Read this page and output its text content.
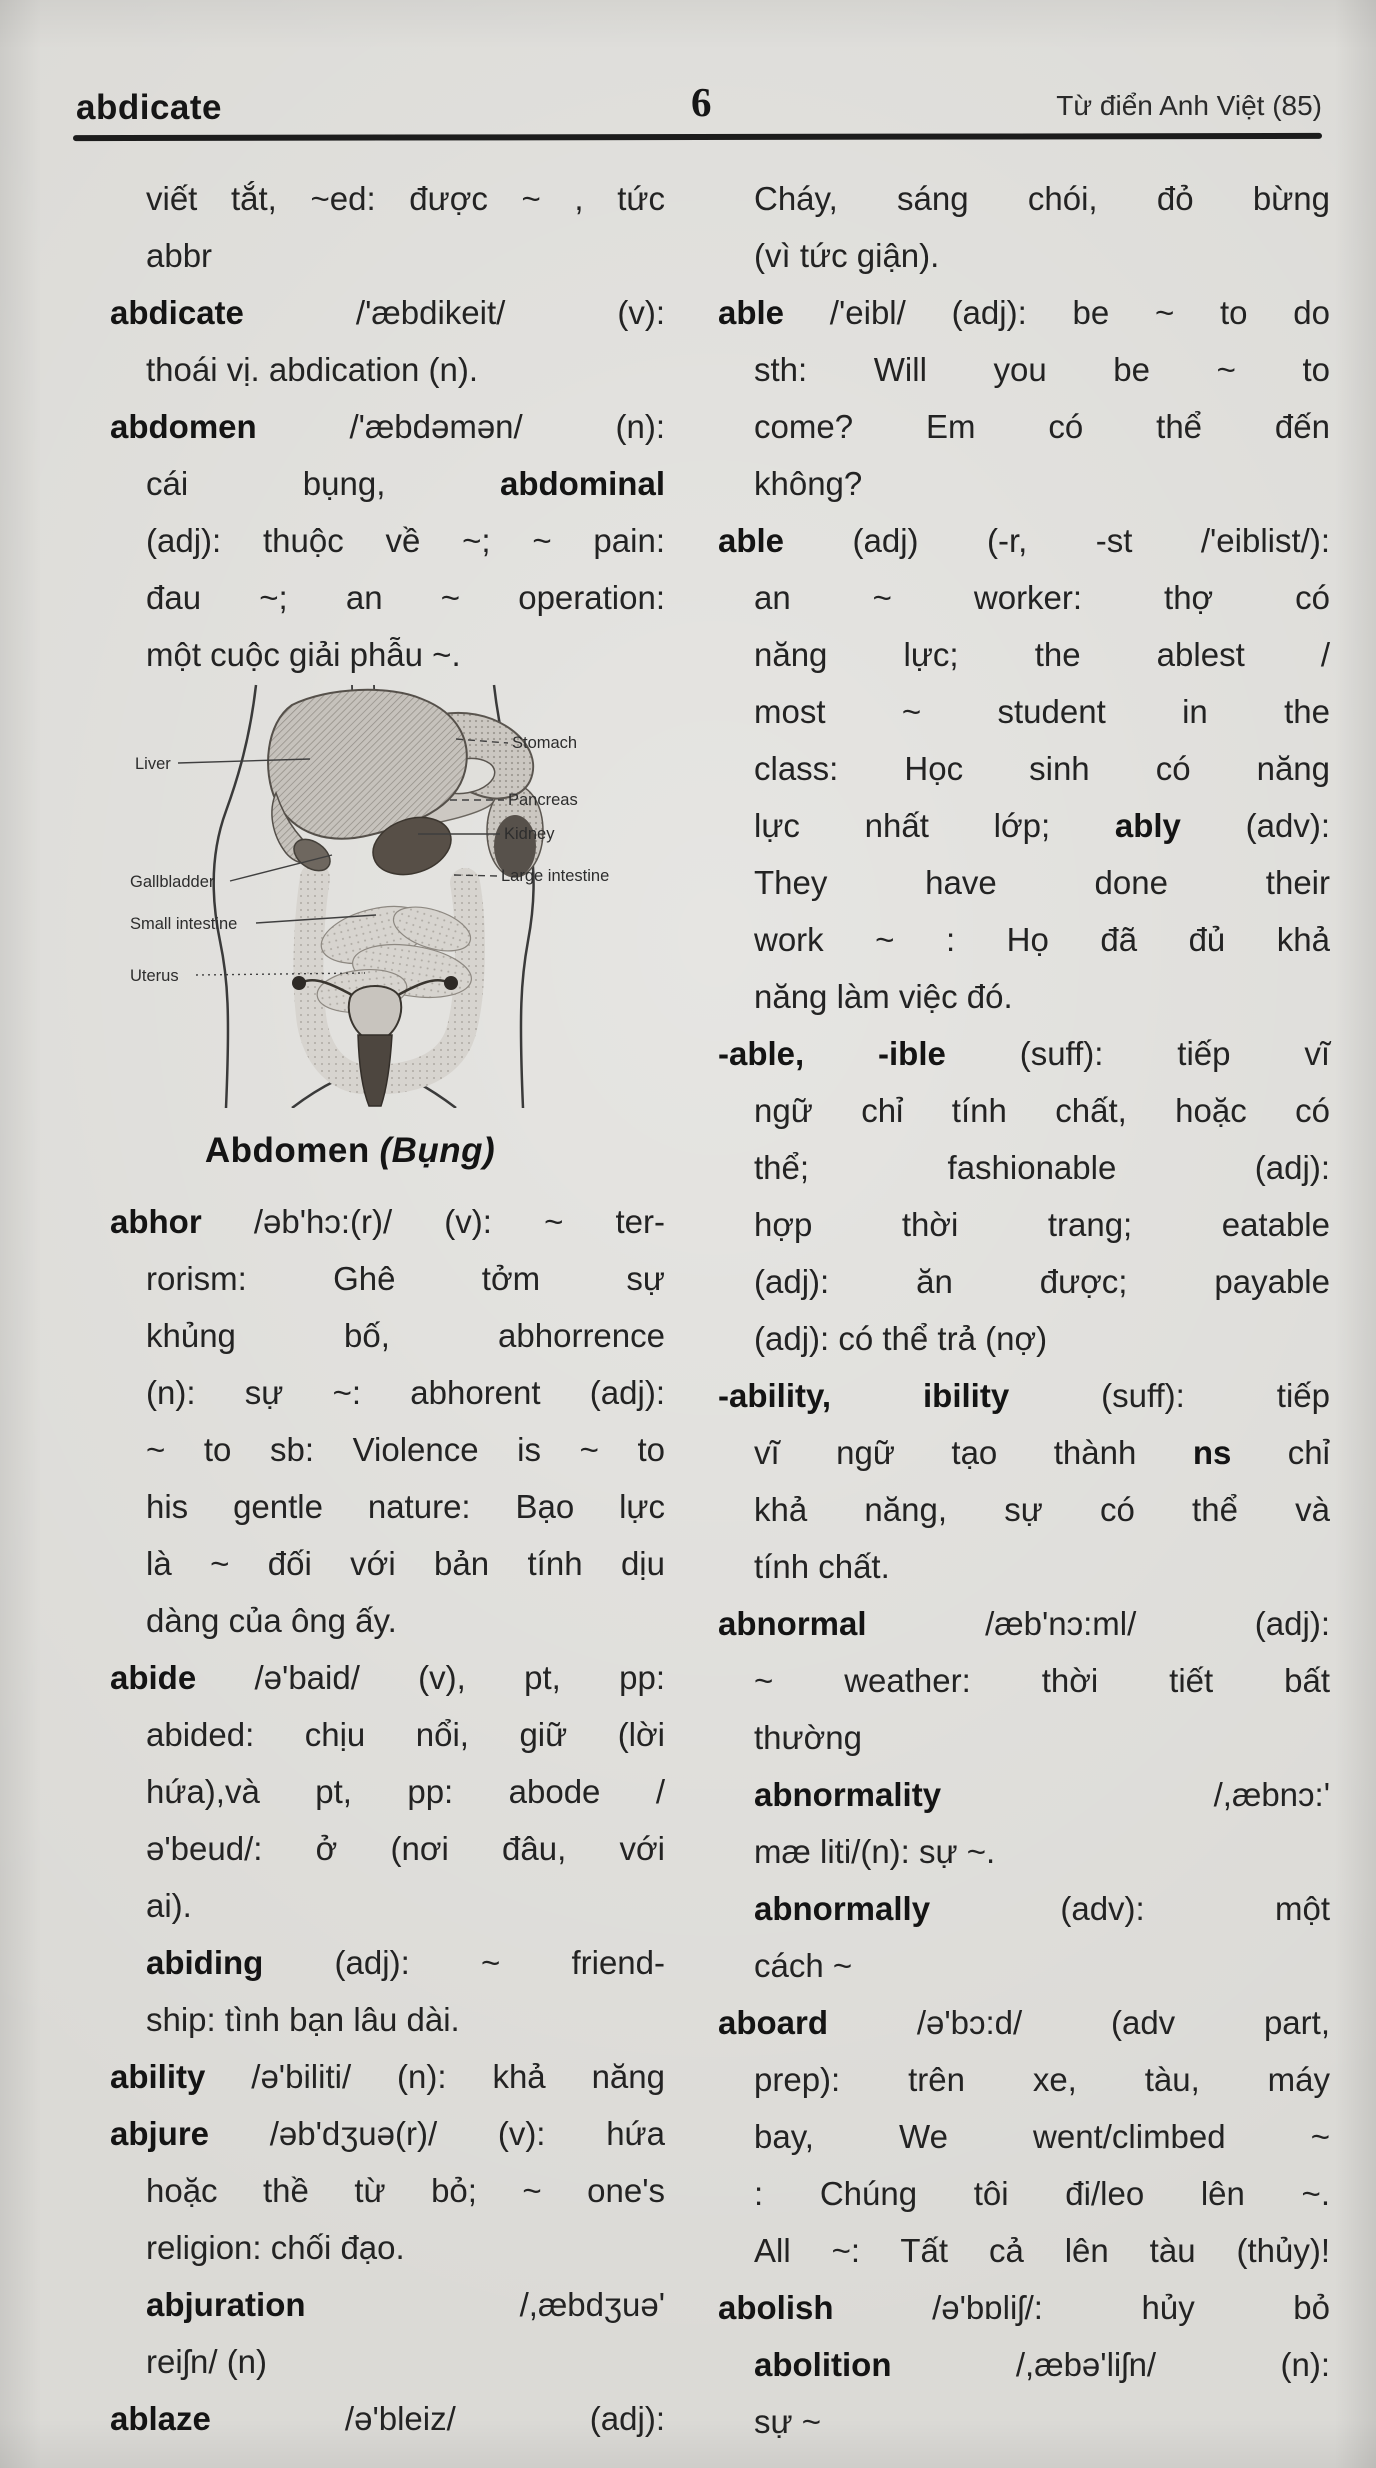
abdicate	6	Từ điển Anh Việt (85)
viết tắt, ~ed: được ~ , tức
abbr
abdicate /'æbdikeit/ (v):
thoái vị. abdication (n).
abdomen /'æbdəmən/ (n):
cái bụng, abdominal
(adj): thuộc về ~; ~ pain:
đau ~; an ~ operation:
một cuộc giải phẫu ~.
Liver
Gallbladder
Small intestine
Uterus
Stomach
Pancreas
Kidney
Large intestine
Abdomen (Bụng)
abhor /əb'hɔ:(r)/ (v): ~ ter-
rorism: Ghê tởm sự
khủng bố, abhorrence
(n): sự ~: abhorent (adj):
~ to sb: Violence is ~ to
his gentle nature: Bạo lực
là ~ đối với bản tính dịu
dàng của ông ấy.
abide /ə'baid/ (v), pt, pp:
abided: chịu nổi, giữ (lời
hứa),và pt, pp: abode /
ə'beud/: ở (nơi đâu, với
ai).
abiding (adj): ~ friend-
ship: tình bạn lâu dài.
ability /ə'biliti/ (n): khả năng
abjure /əb'dʒuə(r)/ (v): hứa
hoặc thề từ bỏ; ~ one's
religion: chối đạo.
abjuration /,æbdʒuə'
reiʃn/ (n)
ablaze /ə'bleiz/ (adj):
Cháy, sáng chói, đỏ bừng
(vì tức giận).
able /'eibl/ (adj): be ~ to do
sth: Will you be ~ to
come? Em có thể đến
không?
able (adj) (-r, -st /'eiblist/):
an ~ worker: thợ có
năng lực; the ablest /
most ~ student in the
class: Học sinh có năng
lực nhất lớp; ably (adv):
They have done their
work ~ : Họ đã đủ khả
năng làm việc đó.
-able, -ible (suff): tiếp vĩ
ngữ chỉ tính chất, hoặc có
thể; fashionable (adj):
hợp thời trang; eatable
(adj): ăn được; payable
(adj): có thể trả (nợ)
-ability, ibility (suff): tiếp
vĩ ngữ tạo thành ns chỉ
khả năng, sự có thể và
tính chất.
abnormal /æb'nɔ:ml/ (adj):
~ weather: thời tiết bất
thường
abnormality /,æbnɔ:'
mæ liti/(n): sự ~.
abnormally (adv): một
cách ~
aboard /ə'bɔ:d/ (adv part,
prep): trên xe, tàu, máy
bay, We went/climbed ~
: Chúng tôi đi/leo lên ~.
All ~: Tất cả lên tàu (thủy)!
abolish /ə'bɒliʃ/: hủy bỏ
abolition /,æbə'liʃn/ (n):
sự ~
